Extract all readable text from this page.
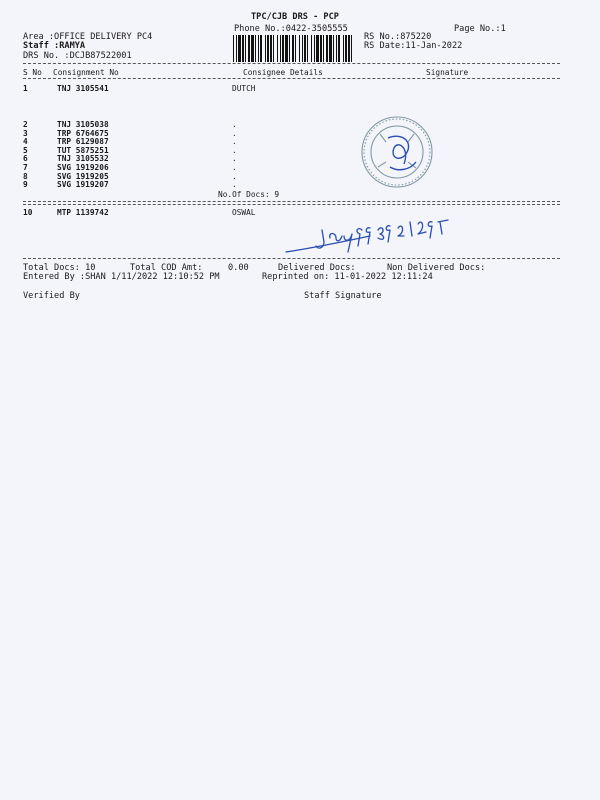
TPC/CJB DRS - PCP
Phone No.:0422-3505555	Page No.:1
Area :OFFICE DELIVERY PC4
Staff :RAMYA
DRS No. :DCJB87522001
RS No.:875220
RS Date:11-Jan-2022
S No Consignment No	Consignee Details	Signature
1	TNJ 3105541	DUTCH
2	TNJ 3105038	.
3	TRP 6764675	.
4	TRP 6129087	.
5	TUT 5875251	.
6	TNJ 3105532	.
7	SVG 1919206	.
8	SVG 1919205	.
9	SVG 1919207	.
No.Of Docs: 9
10	MTP 1139742	OSWAL
Total Docs: 10	Total COD Amt:	0.00	Delivered Docs:	Non Delivered Docs:
Entered By :SHAN 1/11/2022 12:10:52 PM	Reprinted on: 11-01-2022 12:11:24
Verified By	Staff Signature
